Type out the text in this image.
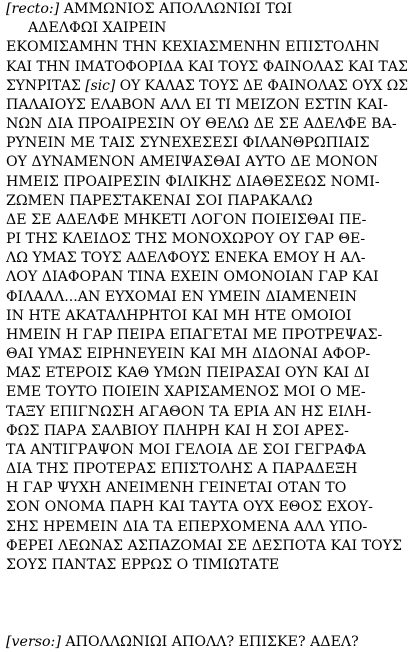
[recto:] ΑΜΜΩΝΙΟΣ ΑΠΟΛΛΩΝΙΩΙ ΤΩΙ
ΑΔΕΛΦΩΙ ΧΑΙΡΕΙΝ
ΕΚΟΜΙΣΑΜΗΝ ΤΗΝ ΚΕΧΙΑΣΜΕΝΗΝ ΕΠΙΣΤΟΛΗΝ
ΚΑΙ ΤΗΝ ΙΜΑΤΟΦΟΡΙΔΑ ΚΑΙ ΤΟΥΣ ΦΑΙΝΟΛΑΣ ΚΑΙ ΤΑΣ
ΣΥΝΡΙΤΑΣ [sic] ΟΥ ΚΑΛΑΣ ΤΟΥΣ ΔΕ ΦΑΙΝΟΛΑΣ ΟΥΧ ΩΣ
ΠΑΛΑΙΟΥΣ ΕΛΑΒΟΝ ΑΛΛ ΕΙ ΤΙ ΜΕΙΖΟΝ ΕΣΤΙΝ ΚΑΙ-
ΝΩΝ ΔΙΑ ΠΡΟΑΙΡΕΣΙΝ ΟΥ ΘΕΛΩ ΔΕ ΣΕ ΑΔΕΛΦΕ ΒΑ-
ΡΥΝΕΙΝ ΜΕ ΤΑΙΣ ΣΥΝΕΧΕΣΕΣΙ ΦΙΛΑΝΘΡΩΠΙΑΙΣ
ΟΥ ΔΥΝΑΜΕΝΟΝ ΑΜΕΙΨΑΣΘΑΙ ΑΥΤΟ ΔΕ ΜΟΝΟΝ
ΗΜΕΙΣ ΠΡΟΑΙΡΕΣΙΝ ΦΙΛΙΚΗΣ ΔΙΑΘΕΣΕΩΣ ΝΟΜΙ-
ΖΩΜΕΝ ΠΑΡΕΣΤΑΚΕΝΑΙ ΣΟΙ ΠΑΡΑΚΑΛΩ
ΔΕ ΣΕ ΑΔΕΛΦΕ ΜΗΚΕΤΙ ΛΟΓΟΝ ΠΟΙΕΙΣΘΑΙ ΠΕ-
ΡΙ ΤΗΣ ΚΛΕΙΔΟΣ ΤΗΣ ΜΟΝΟΧΩΡΟΥ ΟΥ ΓΑΡ ΘΕ-
ΛΩ ΥΜΑΣ ΤΟΥΣ ΑΔΕΛΦΟΥΣ ΕΝΕΚΑ ΕΜΟΥ Η ΑΛ-
ΛΟΥ ΔΙΑΦΟΡΑΝ ΤΙΝΑ ΕΧΕΙΝ ΟΜΟΝΟΙΑΝ ΓΑΡ ΚΑΙ
ΦΙΛΑΛΛ...ΑΝ ΕΥΧΟΜΑΙ ΕΝ ΥΜΕΙΝ ΔΙΑΜΕΝΕΙΝ
ΙΝ ΗΤΕ ΑΚΑΤΑΛΗΡΗΤΟΙ ΚΑΙ ΜΗ ΗΤΕ ΟΜΟΙΟΙ
ΗΜΕΙΝ Η ΓΑΡ ΠΕΙΡΑ ΕΠΑΓΕΤΑΙ ΜΕ ΠΡΟΤΡΕΨΑΣ-
ΘΑΙ ΥΜΑΣ ΕΙΡΗΝΕΥΕΙΝ ΚΑΙ ΜΗ ΔΙΔΟΝΑΙ ΑΦΟΡ-
ΜΑΣ ΕΤΕΡΟΙΣ ΚΑΘ ΥΜΩΝ ΠΕΙΡΑΣΑΙ ΟΥΝ ΚΑΙ ΔΙ
ΕΜΕ ΤΟΥΤΟ ΠΟΙΕΙΝ ΧΑΡΙΣΑΜΕΝΟΣ ΜΟΙ Ο ΜΕ-
ΤΑΞΥ ΕΠΙΓΝΩΣΗ ΑΓΑΘΟΝ ΤΑ ΕΡΙΑ ΑΝ ΗΣ ΕΙΛΗ-
ΦΩΣ ΠΑΡΑ ΣΑΛΒΙΟΥ ΠΛΗΡΗ ΚΑΙ Η ΣΟΙ ΑΡΕΣ-
ΤΑ ΑΝΤΙΓΡΑΨΟΝ ΜΟΙ ΓΕΛΟΙΑ ΔΕ ΣΟΙ ΓΕΓΡΑΦΑ
ΔΙΑ ΤΗΣ ΠΡΟΤΕΡΑΣ ΕΠΙΣΤΟΛΗΣ Α ΠΑΡΑΔΕΞΗ
Η ΓΑΡ ΨΥΧΗ ΑΝΕΙΜΕΝΗ ΓΕΙΝΕΤΑΙ ΟΤΑΝ ΤΟ
ΣΟΝ ΟΝΟΜΑ ΠΑΡΗ ΚΑΙ ΤΑΥΤΑ ΟΥΧ ΕΘΟΣ ΕΧΟΥ-
ΣΗΣ ΗΡΕΜΕΙΝ ΔΙΑ ΤΑ ΕΠΕΡΧΟΜΕΝΑ ΑΛΛ ΥΠΟ-
ΦΕΡΕΙ ΛΕΩΝΑΣ ΑΣΠΑΖΟΜΑΙ ΣΕ ΔΕΣΠΟΤΑ ΚΑΙ ΤΟΥΣ
ΣΟΥΣ ΠΑΝΤΑΣ ΕΡΡΩΣ Ο ΤΙΜΙΩΤΑΤΕ
[verso:] ΑΠΟΛΛΩΝΙΩΙ ΑΠΟΛΛ? ΕΠΙΣΚΕ? ΑΔΕΛ?
